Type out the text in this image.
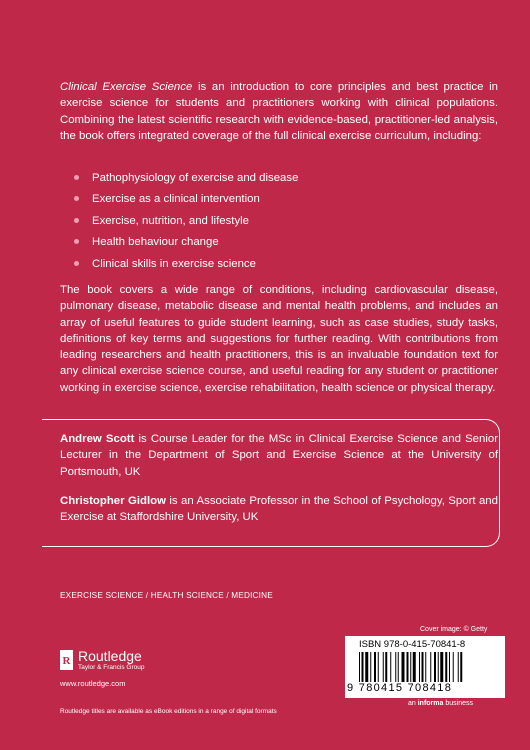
Clinical Exercise Science is an introduction to core principles and best practice in exercise science for students and practitioners working with clinical populations. Combining the latest scientific research with evidence-based, practitioner-led analysis, the book offers integrated coverage of the full clinical exercise curriculum, including:

Pathophysiology of exercise and disease
Exercise as a clinical intervention
Exercise, nutrition, and lifestyle
Health behaviour change
Clinical skills in exercise science

The book covers a wide range of conditions, including cardiovascular disease, pulmonary disease, metabolic disease and mental health problems, and includes an array of useful features to guide student learning, such as case studies, study tasks, definitions of key terms and suggestions for further reading. With contributions from leading researchers and health practitioners, this is an invaluable foundation text for any clinical exercise science course, and useful reading for any student or practitioner working in exercise science, exercise rehabilitation, health science or physical therapy.

Andrew Scott is Course Leader for the MSc in Clinical Exercise Science and Senior Lecturer in the Department of Sport and Exercise Science at the University of Portsmouth, UK

Christopher Gidlow is an Associate Professor in the School of Psychology, Sport and Exercise at Staffordshire University, UK

EXERCISE SCIENCE / HEALTH SCIENCE / MEDICINE
Cover image: © Getty
ISBN 978-0-415-70841-8
9 780415 708418
an informa business
R Routledge
Taylor & Francis Group
www.routledge.com
Routledge titles are available as eBook editions in a range of digital formats
